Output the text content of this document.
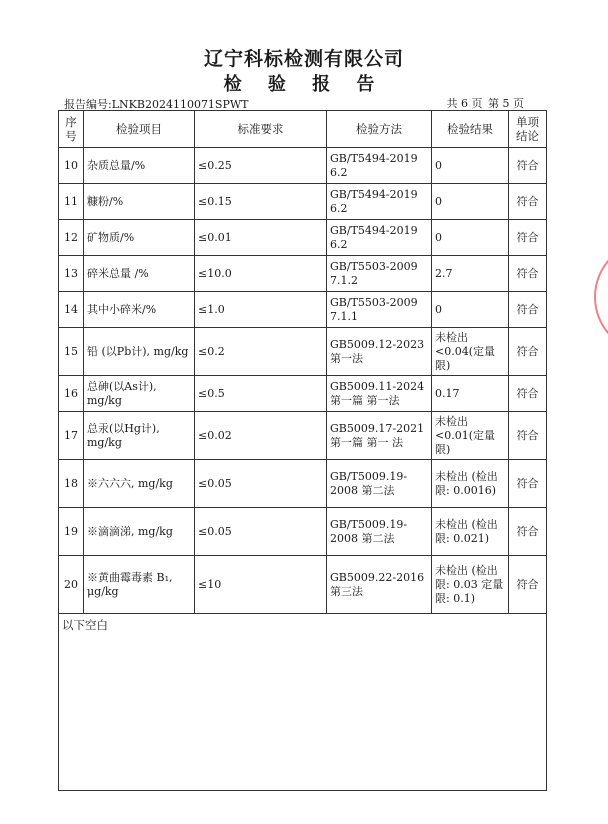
辽宁科标检测有限公司
检 验 报 告
报告编号:LNKB2024110071SPWT	共 6 页 第 5 页
序号	检验项目	标准要求	检验方法	检验结果	单项结论
10	杂质总量/%	≤0.25	GB/T5494-2019 6.2	0	符合
11	糠粉/%	≤0.15	GB/T5494-2019 6.2	0	符合
12	矿物质/%	≤0.01	GB/T5494-2019 6.2	0	符合
13	碎米总量 /%	≤10.0	GB/T5503-2009 7.1.2	2.7	符合
14	其中小碎米/%	≤1.0	GB/T5503-2009 7.1.1	0	符合
15	铅 (以Pb计), mg/kg	≤0.2	GB5009.12-2023 第一法	未检出 <0.04(定量限)	符合
16	总砷(以As计), mg/kg	≤0.5	GB5009.11-2024 第一篇 第一法	0.17	符合
17	总汞(以Hg计), mg/kg	≤0.02	GB5009.17-2021 第一篇 第一 法	未检出 <0.01(定量限)	符合
18	※六六六, mg/kg	≤0.05	GB/T5009.19-2008 第二法	未检出 (检出限: 0.0016)	符合
19	※滴滴涕, mg/kg	≤0.05	GB/T5009.19-2008 第二法	未检出 (检出限: 0.021)	符合
20	※黄曲霉毒素 B₁, μg/kg	≤10	GB5009.22-2016 第三法	未检出 (检出限: 0.03 定量限: 0.1)	符合
以下空白					
